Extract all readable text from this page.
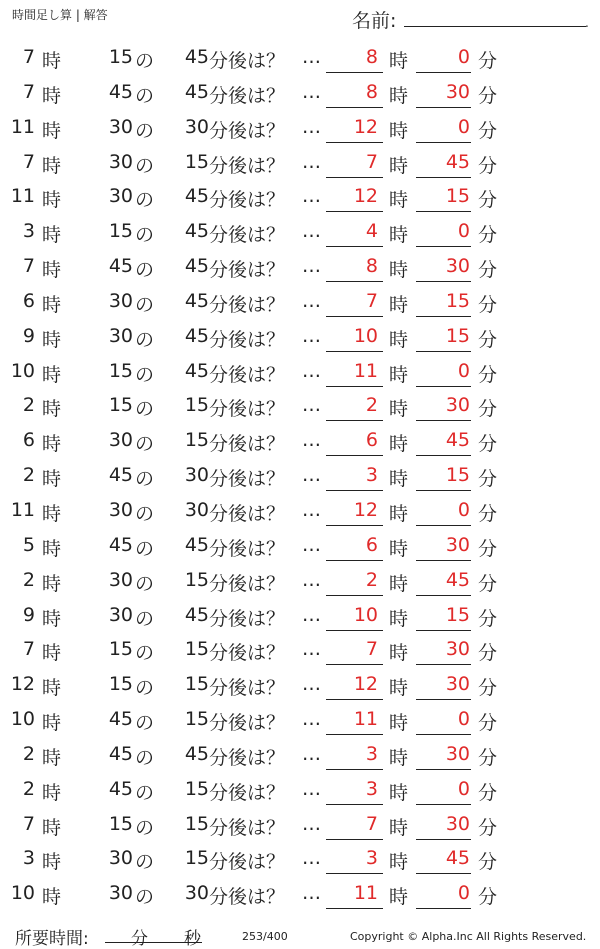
時間足し算 | 解答	名前:	.
7 時	15 の 45 分後は？ … 8 時	0 分
7 時	45 の 45 分後は？ … 8 時 30 分
11 時	30 の 30 分後は？ … 12 時	0 分
7 時	30 の 15 分後は？ … 7 時 45 分
11 時	30 の 45 分後は？ … 12 時 15 分
3 時	15 の 45 分後は？ … 4 時	0 分
7 時	45 の 45 分後は？ … 8 時 30 分
6 時	30 の 45 分後は？ … 7 時 15 分
9 時	30 の 45 分後は？ … 10 時 15 分
10 時	15 の 45 分後は？ … 11 時	0 分
2 時	15 の 15 分後は？ … 2 時 30 分
6 時	30 の 15 分後は？ … 6 時 45 分
2 時	45 の 30 分後は？ … 3 時 15 分
11 時	30 の 30 分後は？ … 12 時	0 分
5 時	45 の 45 分後は？ … 6 時 30 分
2 時	30 の 15 分後は？ … 2 時 45 分
9 時	30 の 45 分後は？ … 10 時 15 分
7 時	15 の 15 分後は？ … 7 時 30 分
12 時	15 の 15 分後は？ … 12 時 30 分
10 時	45 の 15 分後は？ … 11 時	0 分
2 時	45 の 45 分後は？ … 3 時 30 分
2 時	45 の 15 分後は？ … 3 時	0 分
7 時	15 の 15 分後は？ … 7 時 30 分
3 時	30 の 15 分後は？ … 3 時 45 分
10 時	30 の 30 分後は？ … 11 時	0 分
所要時間: 分 秒	253/400	Copyright © Alpha.Inc All Rights Reserved.
